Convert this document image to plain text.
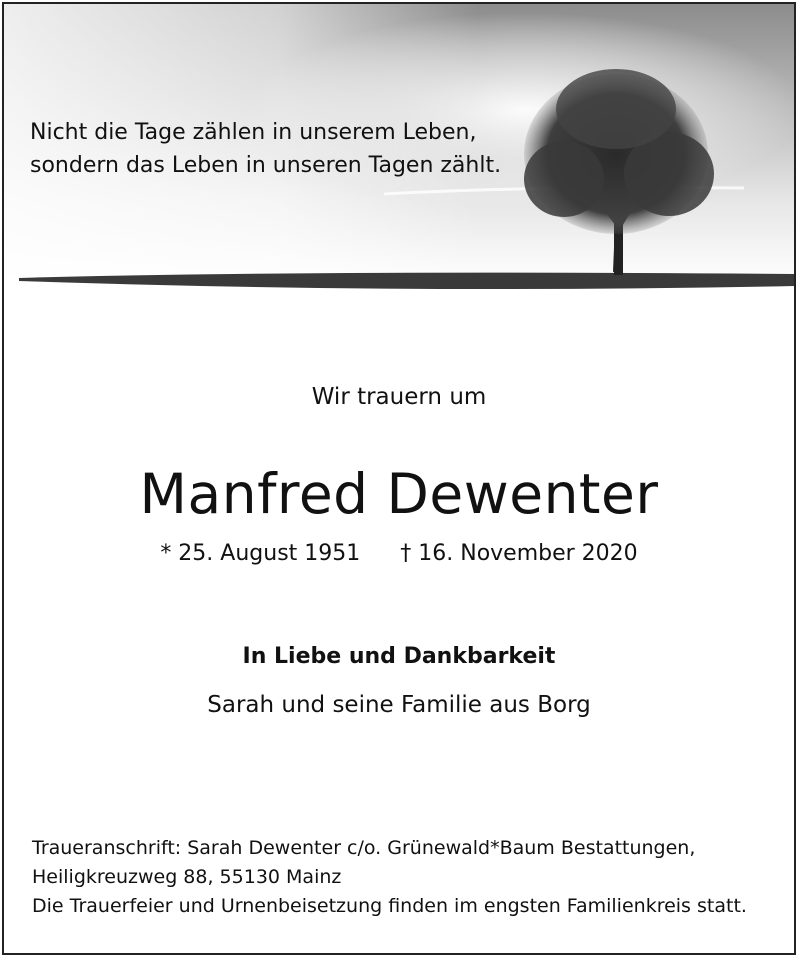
Nicht die Tage zählen in unserem Leben,
sondern das Leben in unseren Tagen zählt.
Wir trauern um
Manfred Dewenter
* 25. August 1951 † 16. November 2020
In Liebe und Dankbarkeit
Sarah und seine Familie aus Borg
Traueranschrift: Sarah Dewenter c/o. Grünewald*Baum Bestattungen,
Heiligkreuzweg 88, 55130 Mainz
Die Trauerfeier und Urnenbeisetzung finden im engsten Familienkreis statt.
